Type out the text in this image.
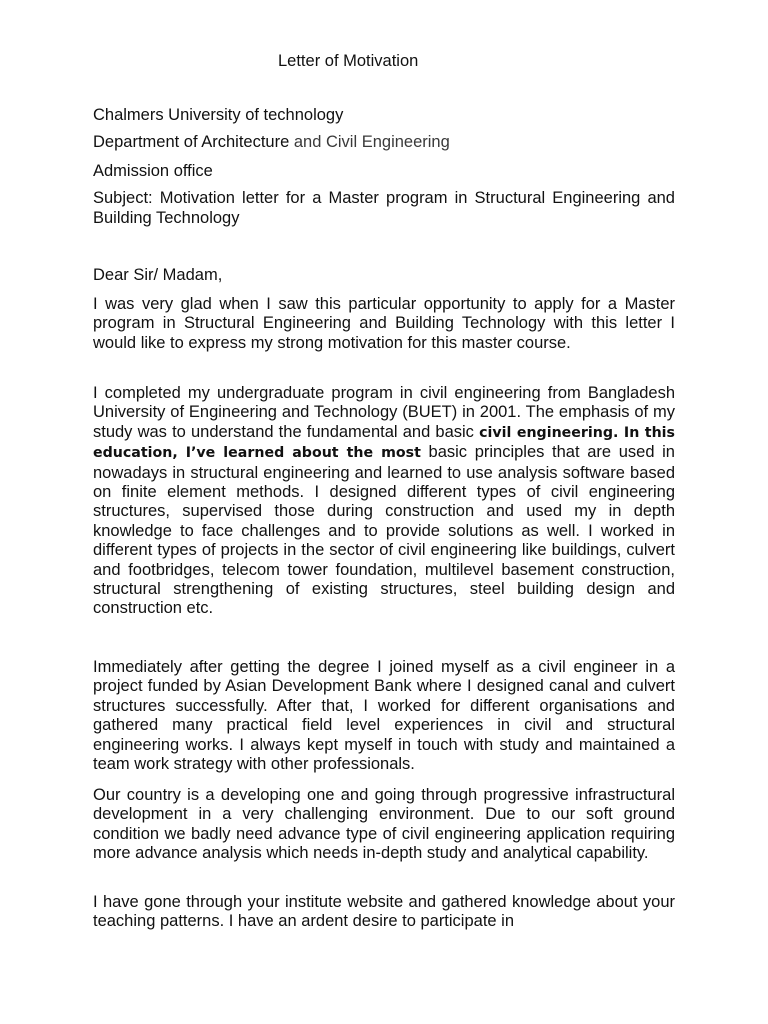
Letter of Motivation
Chalmers University of technology
Department of Architecture and Civil Engineering
Admission office
Subject: Motivation letter for a Master program in Structural Engineering and Building Technology
Dear Sir/ Madam,

I was very glad when I saw this particular opportunity to apply for a Master program in Structural Engineering and Building Technology with this letter I would like to express my strong motivation for this master course.

I completed my undergraduate program in civil engineering from Bangladesh University of Engineering and Technology (BUET) in 2001. The emphasis of my study was to understand the fundamental and basic civil engineering. In this education, I’ve learned about the most basic principles that are used in nowadays in structural engineering and learned to use analysis software based on finite element methods. I designed different types of civil engineering structures, supervised those during construction and used my in depth knowledge to face challenges and to provide solutions as well. I worked in different types of projects in the sector of civil engineering like buildings, culvert and footbridges, telecom tower foundation, multilevel basement construction, structural strengthening of existing structures, steel building design and construction etc.

Immediately after getting the degree I joined myself as a civil engineer in a project funded by Asian Development Bank where I designed canal and culvert structures successfully. After that, I worked for different organisations and gathered many practical field level experiences in civil and structural engineering works. I always kept myself in touch with study and maintained a team work strategy with other professionals.

Our country is a developing one and going through progressive infrastructural development in a very challenging environment. Due to our soft ground condition we badly need advance type of civil engineering application requiring more advance analysis which needs in-depth study and analytical capability.

I have gone through your institute website and gathered knowledge about your teaching patterns. I have an ardent desire to participate in
